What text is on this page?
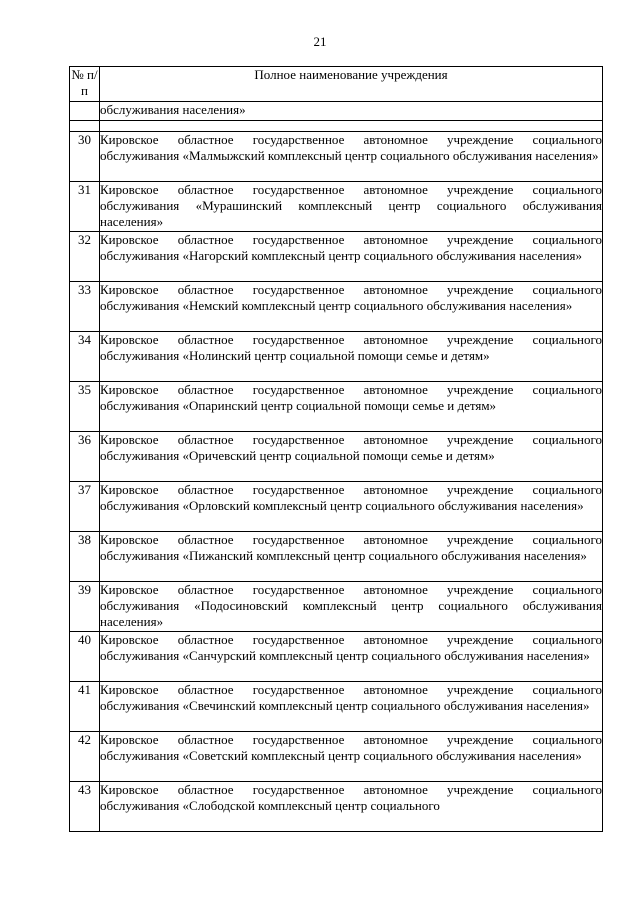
21
№ п/п	Полное наименование учреждения
	обслуживания населения»

30	Кировское областное государственное автономное учреждение социального обслуживания «Малмыжский комплексный центр социального обслуживания населения»
31	Кировское областное государственное автономное учреждение социального обслуживания «Мурашинский комплексный центр социального обслуживания населения»
32	Кировское областное государственное автономное учреждение социального обслуживания «Нагорский комплексный центр социального обслуживания населения»
33	Кировское областное государственное автономное учреждение социального обслуживания «Немский комплексный центр социального обслуживания населения»
34	Кировское областное государственное автономное учреждение социального обслуживания «Нолинский центр социальной помощи семье и детям»
35	Кировское областное государственное автономное учреждение социального обслуживания «Опаринский центр социальной помощи семье и детям»
36	Кировское областное государственное автономное учреждение социального обслуживания «Оричевский центр социальной помощи семье и детям»
37	Кировское областное государственное автономное учреждение социального обслуживания «Орловский комплексный центр социального обслуживания населения»
38	Кировское областное государственное автономное учреждение социального обслуживания «Пижанский комплексный центр социального обслуживания населения»
39	Кировское областное государственное автономное учреждение социального обслуживания «Подосиновский комплексный центр социального обслуживания населения»
40	Кировское областное государственное автономное учреждение социального обслуживания «Санчурский комплексный центр социального обслуживания населения»
41	Кировское областное государственное автономное учреждение социального обслуживания «Свечинский комплексный центр социального обслуживания населения»
42	Кировское областное государственное автономное учреждение социального обслуживания «Советский комплексный центр социального обслуживания населения»
43	Кировское областное государственное автономное учреждение социального обслуживания «Слободской комплексный центр социального
